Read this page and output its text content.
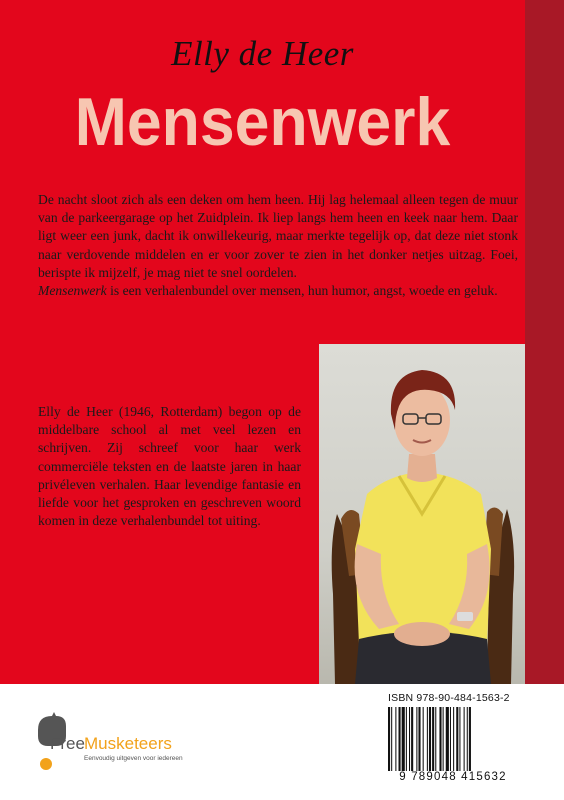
Elly de Heer
Mensenwerk

De nacht sloot zich als een deken om hem heen. Hij lag helemaal alleen tegen de muur van de parkeergarage op het Zuidplein. Ik liep langs hem heen en keek naar hem. Daar ligt weer een junk, dacht ik onwillekeurig, maar merkte tegelijk op, dat deze niet stonk naar verdovende middelen en er voor zover te zien in het donker netjes uitzag. Foei, berispte ik mijzelf, je mag niet te snel oordelen.
Mensenwerk is een verhalenbundel over mensen, hun humor, angst, woede en geluk.

Elly de Heer (1946, Rotterdam) begon op de middelbare school al met veel lezen en schrijven. Zij schreef voor haar werk commerciële teksten en de laatste jaren in haar privéleven verhalen. Haar levendige fantasie en liefde voor het gesproken en geschreven woord komen in deze verhalenbundel tot uiting.

ISBN 978-90-484-1563-2
9 789048 415632
Free Musketeers
Eenvoudig uitgeven voor iedereen
